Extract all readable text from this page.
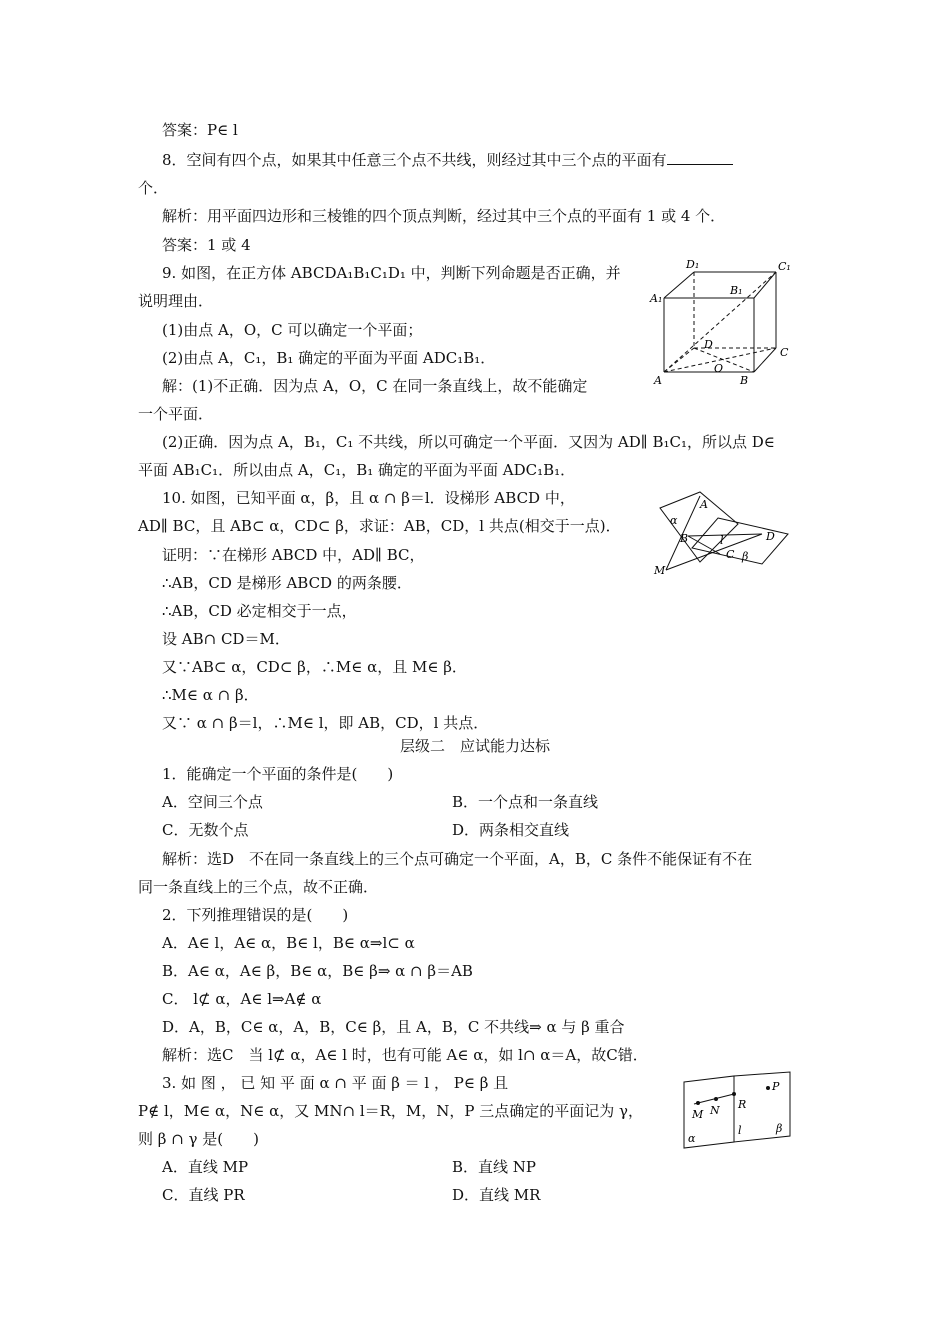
答案：P∈ l
8．空间有四个点，如果其中任意三个点不共线，则经过其中三个点的平面有
个．
解析：用平面四边形和三棱锥的四个顶点判断，经过其中三个点的平面有 1 或 4 个．
答案：1 或 4
9. 如图，在正方体 ABCDA₁B₁C₁D₁ 中，判断下列命题是否正确，并
说明理由．
(1)由点 A，O，C 可以确定一个平面；
(2)由点 A，C₁，B₁ 确定的平面为平面 ADC₁B₁．
解：(1)不正确．因为点 A，O，C 在同一条直线上，故不能确定
一个平面．
(2)正确．因为点 A，B₁，C₁ 不共线，所以可确定一个平面．又因为 AD∥ B₁C₁，所以点 D∈
平面 AB₁C₁．所以由点 A，C₁，B₁ 确定的平面为平面 ADC₁B₁．
D₁	C₁
A₁
B₁
D
C
A
O
B
10. 如图，已知平面 α，β，且 α ∩ β＝l．设梯形 ABCD 中，
AD∥ BC，且 AB⊂ α，CD⊂ β，求证：AB，CD，l 共点(相交于一点)．
证明：∵在梯形 ABCD 中，AD∥ BC，
∴AB，CD 是梯形 ABCD 的两条腰．
∴AB，CD 必定相交于一点，
设 AB∩ CD＝M．
又∵AB⊂ α，CD⊂ β，∴M∈ α，且 M∈ β．
∴M∈ α ∩ β．
又∵ α ∩ β＝l，∴M∈ l，即 AB，CD，l 共点．
α
A
B	l
C β
D
M
层级二　应试能力达标
1．能确定一个平面的条件是(　　)
A．空间三个点	B．一个点和一条直线
C．无数个点	D．两条相交直线
解析：选D　不在同一条直线上的三个点可确定一个平面，A，B，C 条件不能保证有不在
同一条直线上的三个点，故不正确．
2．下列推理错误的是(　　)
A．A∈ l，A∈ α，B∈ l，B∈ α⇒l⊂ α
B．A∈ α，A∈ β，B∈ α，B∈ β⇒ α ∩ β＝AB
C． l⊄ α，A∈ l⇒A∉ α
D．A，B，C∈ α，A，B，C∈ β，且 A，B，C 不共线⇒ α 与 β 重合
解析：选C　当 l⊄ α，A∈ l 时，也有可能 A∈ α，如 l∩ α＝A，故C错．
3. 如 图 ， 已 知 平 面 α ∩ 平 面 β ＝ l ， P∈ β 且
P∉ l，M∈ α，N∈ α，又 MN∩ l＝R，M，N，P 三点确定的平面记为 γ，
则 β ∩ γ 是(　　)
A．直线 MP	B．直线 NP
C．直线 PR	D．直线 MR
M N R
P
α
l	β
